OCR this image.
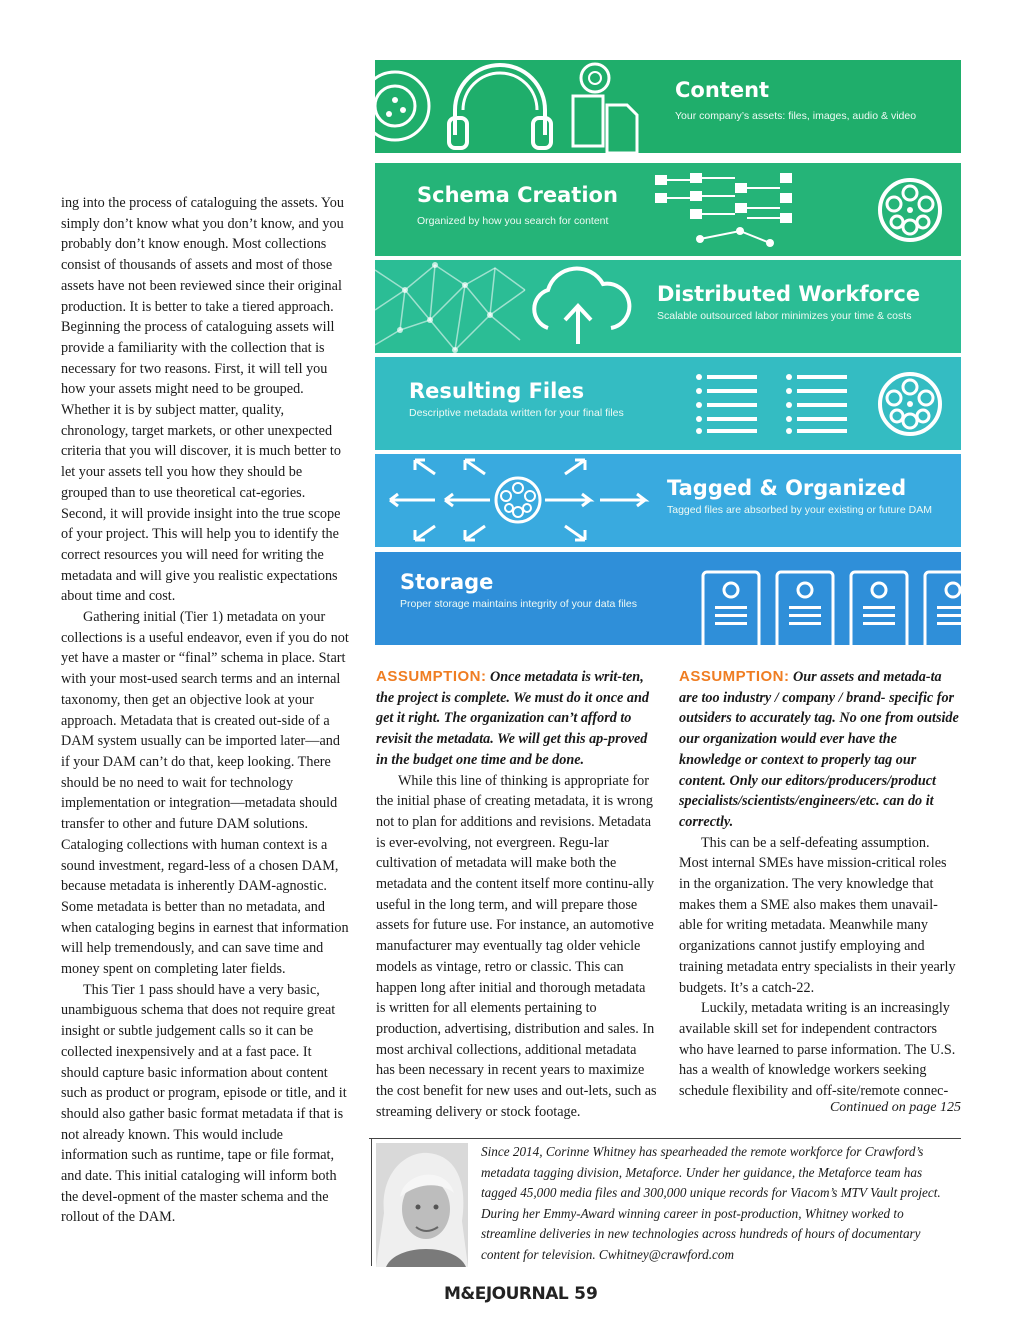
ing into the process of cataloguing the assets. You simply don’t know what you don’t know, and you probably don’t know enough. Most collections consist of thousands of assets and most of those assets have not been reviewed since their original production. It is better to take a tiered approach. Beginning the process of cataloguing assets will provide a familiarity with the collection that is necessary for two reasons. First, it will tell you how your assets might need to be grouped. Whether it is by subject matter, quality, chronology, target markets, or other unexpected criteria that you will discover, it is much better to let your assets tell you how they should be grouped than to use theoretical cat-egories. Second, it will provide insight into the true scope of your project. This will help you to identify the correct resources you will need for writing the metadata and will give you realistic expectations about time and cost.

Gathering initial (Tier 1) metadata on your collections is a useful endeavor, even if you do not yet have a master or “final” schema in place. Start with your most-used search terms and an internal taxonomy, then get an objective look at your approach. Metadata that is created out-side of a DAM system usually can be imported later—and if your DAM can’t do that, keep looking. There should be no need to wait for technology implementation or integration—metadata should transfer to other and future DAM solutions. Cataloging collections with human context is a sound investment, regard-less of a chosen DAM, because metadata is inherently DAM-agnostic. Some metadata is better than no metadata, and when cataloging begins in earnest that information will help tremendously, and can save time and money spent on completing later fields.

This Tier 1 pass should have a very basic, unambiguous schema that does not require great insight or subtle judgement calls so it can be collected inexpensively and at a fast pace. It should capture basic information about content such as product or program, episode or title, and it should also gather basic format metadata if that is not already known. This would include information such as runtime, tape or file format, and date. This initial cataloging will inform both the devel-opment of the master schema and the rollout of the DAM.

Content
Your company’s assets: files, images, audio & video
Schema Creation
Organized by how you search for content
Distributed Workforce
Scalable outsourced labor minimizes your time & costs
Resulting Files
Descriptive metadata written for your final files
Tagged & Organized
Tagged files are absorbed by your existing or future DAM
Storage
Proper storage maintains integrity of your data files

ASSUMPTION: Once metadata is writ-ten, the project is complete. We must do it once and get it right. The organization can’t afford to revisit the metadata. We will get this ap-proved in the budget one time and be done.

While this line of thinking is appropriate for the initial phase of creating metadata, it is wrong not to plan for additions and revisions. Metadata is ever-evolving, not evergreen. Regu-lar cultivation of metadata will make both the metadata and the content itself more continu-ally useful in the long term, and will prepare those assets for future use. For instance, an automotive manufacturer may eventually tag older vehicle models as vintage, retro or classic. This can happen long after initial and thorough metadata is written for all elements pertaining to production, advertising, distribution and sales. In most archival collections, additional metadata has been necessary in recent years to maximize the cost benefit for new uses and out-lets, such as streaming delivery or stock footage.

ASSUMPTION: Our assets and metada-ta are too industry / company / brand- specific for outsiders to accurately tag. No one from outside our organization would ever have the knowledge or context to properly tag our content. Only our editors/producers/product specialists/scientists/engineers/etc. can do it correctly.

This can be a self-defeating assumption. Most internal SMEs have mission-critical roles in the organization. The very knowledge that makes them a SME also makes them unavail-able for writing metadata. Meanwhile many organizations cannot justify employing and training metadata entry specialists in their yearly budgets. It’s a catch-22.

Luckily, metadata writing is an increasingly available skill set for independent contractors who have learned to parse information. The U.S. has a wealth of knowledge workers seeking schedule flexibility and off-site/remote connec-

Continued on page 125
Since 2014, Corinne Whitney has spearheaded the remote workforce for Crawford’s metadata tagging division, Metaforce. Under her guidance, the Metaforce team has tagged 45,000 media files and 300,000 unique records for Viacom’s MTV Vault project. During her Emmy-Award winning career in post-production, Whitney worked to streamline deliveries in new technologies across hundreds of hours of documentary content for television. Cwhitney@crawford.com
M&EJOURNAL 59
